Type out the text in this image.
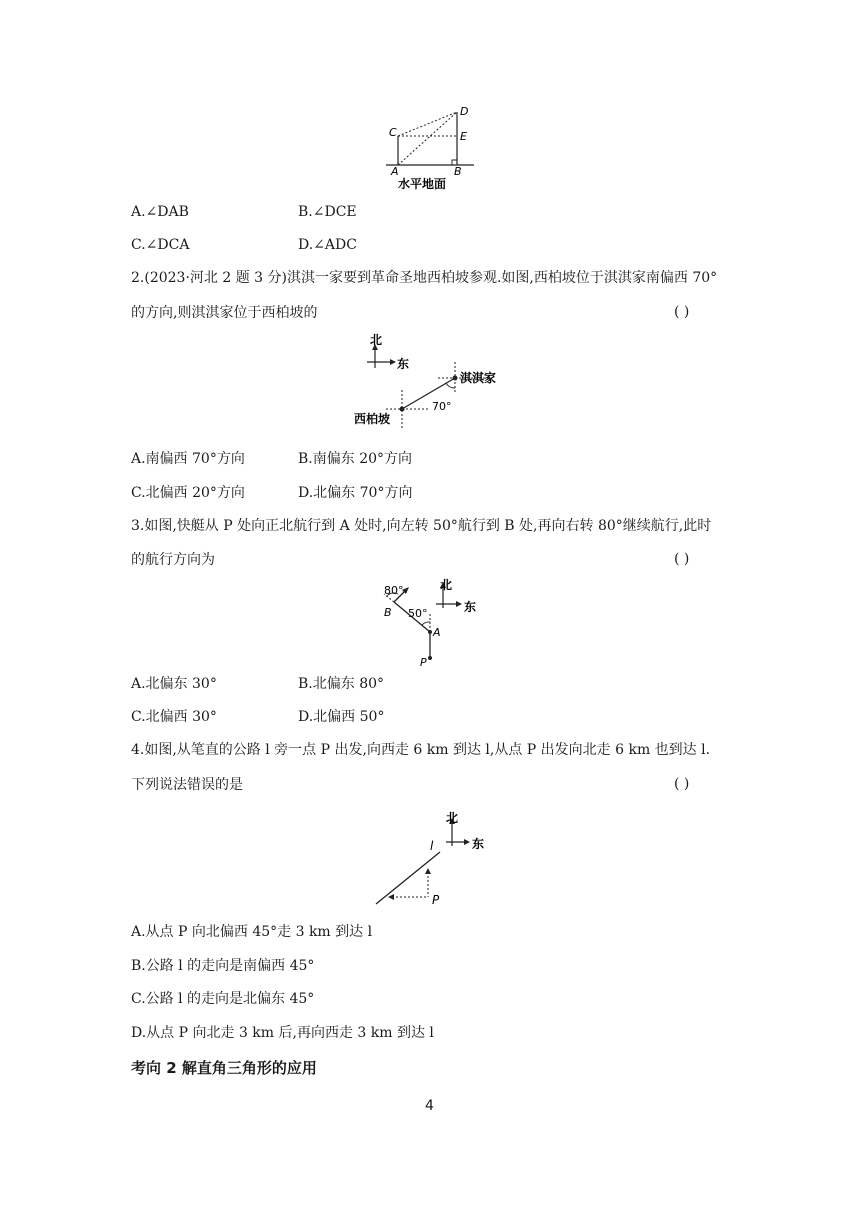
C
D
E
A	B
水平地面
A.∠DAB	B.∠DCE
C.∠DCA	D.∠ADC
2.(2023·河北 2 题 3 分)淇淇一家要到革命圣地西柏坡参观.如图,西柏坡位于淇淇家南偏西 70°
的方向,则淇淇家位于西柏坡的	( )
北
东
淇淇家
西柏坡
70°
A.南偏西 70°方向	B.南偏东 20°方向
C.北偏西 20°方向	D.北偏东 70°方向
3.如图,快艇从 P 处向正北航行到 A 处时,向左转 50°航行到 B 处,再向右转 80°继续航行,此时
的航行方向为	( )
北
东
80°
50°
B
A
P
A.北偏东 30°	B.北偏东 80°
C.北偏西 30°	D.北偏西 50°
4.如图,从笔直的公路 l 旁一点 P 出发,向西走 6 km 到达 l,从点 P 出发向北走 6 km 也到达 l.
下列说法错误的是	( )
北
东
l
P
A.从点 P 向北偏西 45°走 3 km 到达 l
B.公路 l 的走向是南偏西 45°
C.公路 l 的走向是北偏东 45°
D.从点 P 向北走 3 km 后,再向西走 3 km 到达 l
考向 2 解直角三角形的应用
4
